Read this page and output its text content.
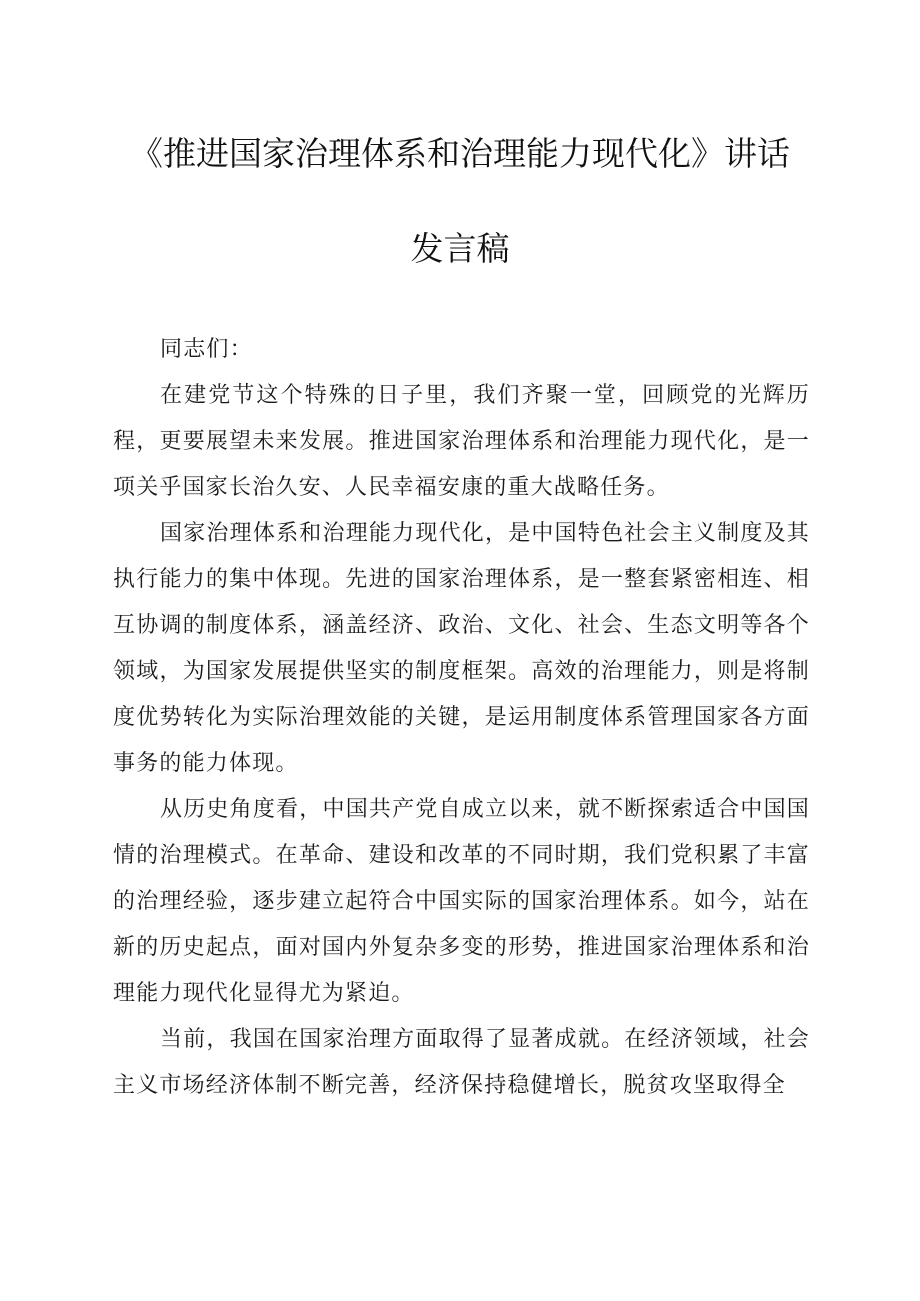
《推进国家治理体系和治理能力现代化》讲话
发言稿

同志们：

在建党节这个特殊的日子里，我们齐聚一堂，回顾党的光辉历程，更要展望未来发展。推进国家治理体系和治理能力现代化，是一项关乎国家长治久安、人民幸福安康的重大战略任务。

国家治理体系和治理能力现代化，是中国特色社会主义制度及其执行能力的集中体现。先进的国家治理体系，是一整套紧密相连、相互协调的制度体系，涵盖经济、政治、文化、社会、生态文明等各个领域，为国家发展提供坚实的制度框架。高效的治理能力，则是将制度优势转化为实际治理效能的关键，是运用制度体系管理国家各方面事务的能力体现。

从历史角度看，中国共产党自成立以来，就不断探索适合中国国情的治理模式。在革命、建设和改革的不同时期，我们党积累了丰富的治理经验，逐步建立起符合中国实际的国家治理体系。如今，站在新的历史起点，面对国内外复杂多变的形势，推进国家治理体系和治理能力现代化显得尤为紧迫。

当前，我国在国家治理方面取得了显著成就。在经济领域，社会主义市场经济体制不断完善，经济保持稳健增长，脱贫攻坚取得全
